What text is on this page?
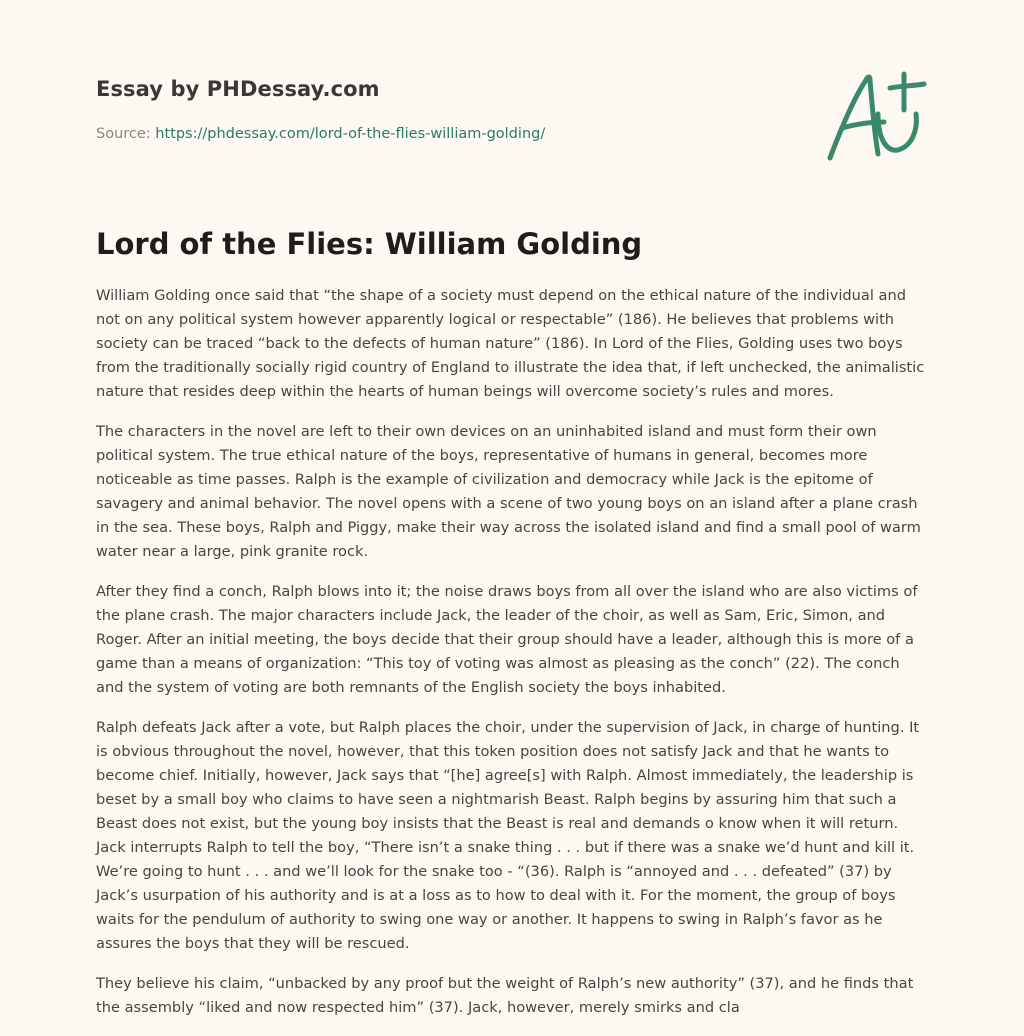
Essay by PHDessay.com
Source: https://phdessay.com/lord-of-the-flies-william-golding/
Lord of the Flies: William Golding

William Golding once said that “the shape of a society must depend on the ethical nature of the individual and not on any political system however apparently logical or respectable” (186). He believes that problems with society can be traced “back to the defects of human nature” (186). In Lord of the Flies, Golding uses two boys from the traditionally socially rigid country of England to illustrate the idea that, if left unchecked, the animalistic nature that resides deep within the hearts of human beings will overcome society’s rules and mores.

The characters in the novel are left to their own devices on an uninhabited island and must form their own political system. The true ethical nature of the boys, representative of humans in general, becomes more noticeable as time passes. Ralph is the example of civilization and democracy while Jack is the epitome of savagery and animal behavior. The novel opens with a scene of two young boys on an island after a plane crash in the sea. These boys, Ralph and Piggy, make their way across the isolated island and find a small pool of warm water near a large, pink granite rock.

After they find a conch, Ralph blows into it; the noise draws boys from all over the island who are also victims of the plane crash. The major characters include Jack, the leader of the choir, as well as Sam, Eric, Simon, and Roger. After an initial meeting, the boys decide that their group should have a leader, although this is more of a game than a means of organization: “This toy of voting was almost as pleasing as the conch” (22). The conch and the system of voting are both remnants of the English society the boys inhabited.

Ralph defeats Jack after a vote, but Ralph places the choir, under the supervision of Jack, in charge of hunting. It is obvious throughout the novel, however, that this token position does not satisfy Jack and that he wants to become chief. Initially, however, Jack says that “[he] agree[s] with Ralph. Almost immediately, the leadership is beset by a small boy who claims to have seen a nightmarish Beast. Ralph begins by assuring him that such a Beast does not exist, but the young boy insists that the Beast is real and demands o know when it will return. Jack interrupts Ralph to tell the boy, “There isn’t a snake thing . . . but if there was a snake we’d hunt and kill it. We’re going to hunt . . . and we’ll look for the snake too - “(36). Ralph is “annoyed and . . . defeated” (37) by Jack’s usurpation of his authority and is at a loss as to how to deal with it. For the moment, the group of boys waits for the pendulum of authority to swing one way or another. It happens to swing in Ralph’s favor as he assures the boys that they will be rescued.

They believe his claim, “unbacked by any proof but the weight of Ralph’s new authority” (37), and he finds that the assembly “liked and now respected him” (37). Jack, however, merely smirks and cla
